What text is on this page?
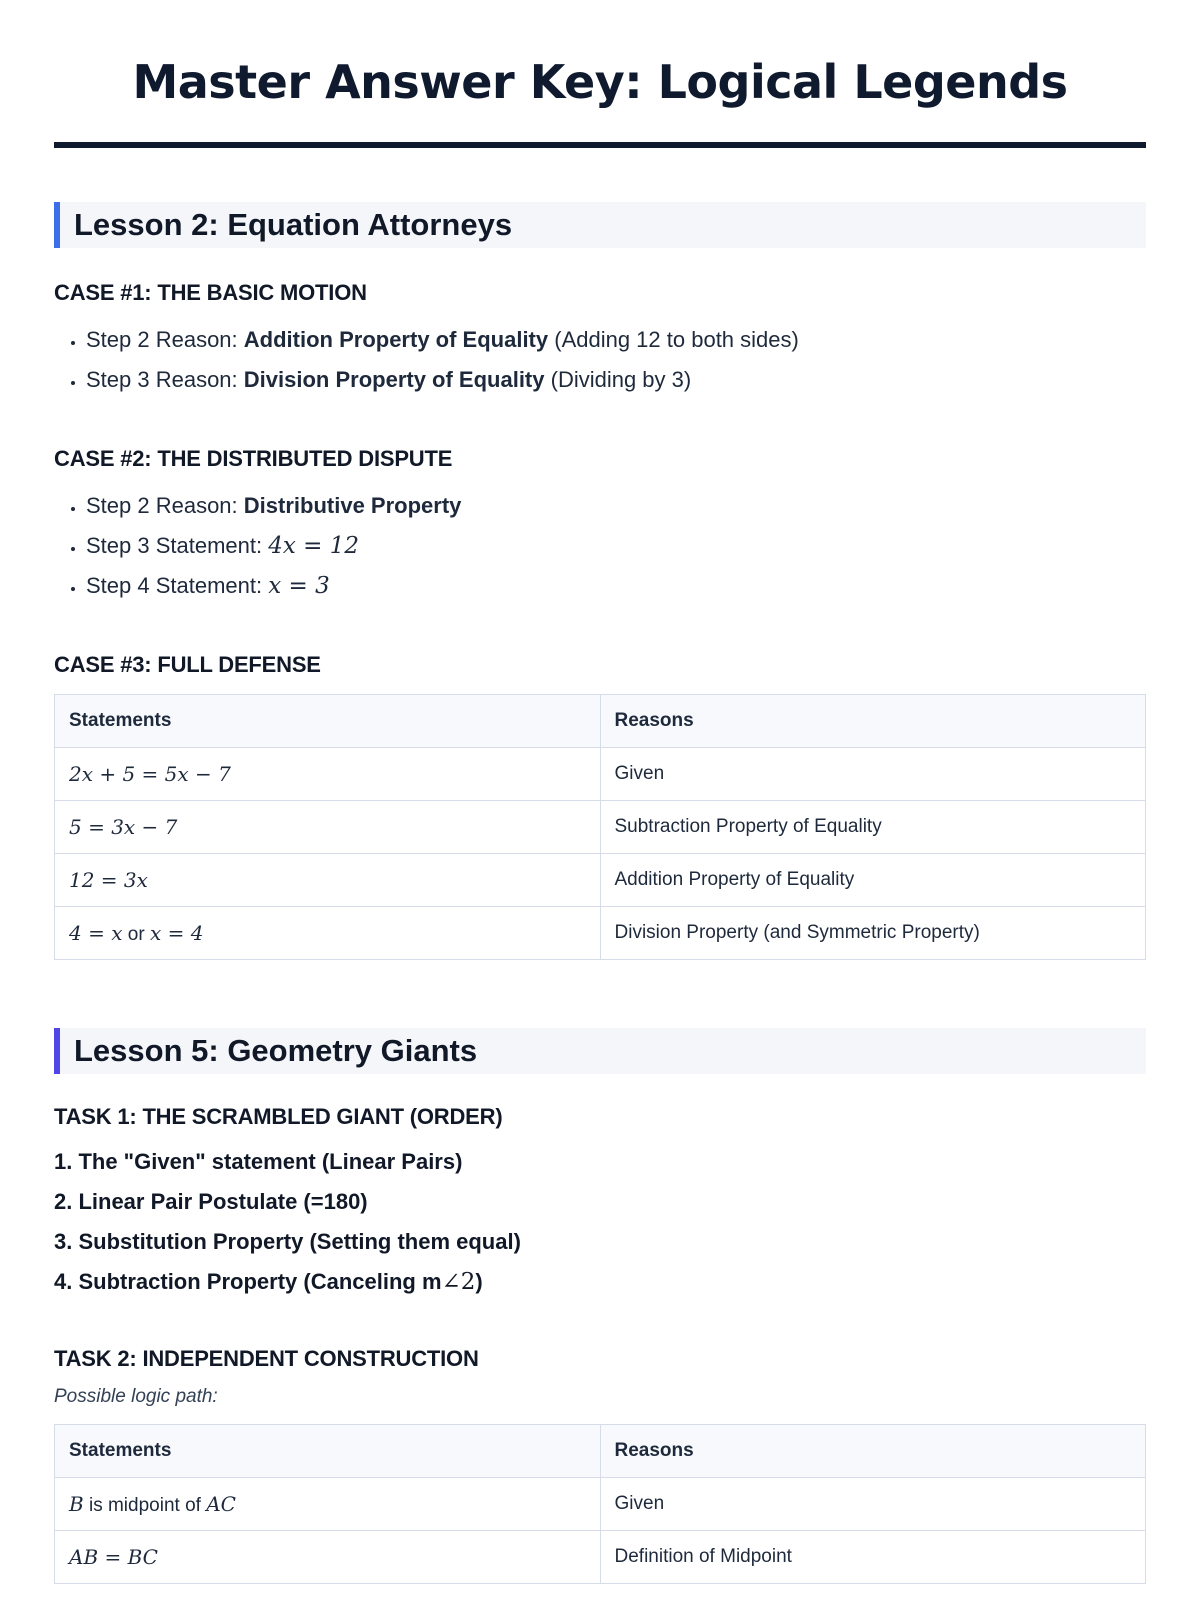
Master Answer Key: Logical Legends
Lesson 2: Equation Attorneys
CASE #1: THE BASIC MOTION
• Step 2 Reason: Addition Property of Equality (Adding 12 to both sides)
• Step 3 Reason: Division Property of Equality (Dividing by 3)
CASE #2: THE DISTRIBUTED DISPUTE
• Step 2 Reason: Distributive Property
• Step 3 Statement: 4x = 12
• Step 4 Statement: x = 3
CASE #3: FULL DEFENSE
Statements	Reasons
2x + 5 = 5x − 7	Given
5 = 3x − 7	Subtraction Property of Equality
12 = 3x	Addition Property of Equality
4 = x or x = 4	Division Property (and Symmetric Property)
Lesson 5: Geometry Giants
TASK 1: THE SCRAMBLED GIANT (ORDER)
1. The "Given" statement (Linear Pairs)
2. Linear Pair Postulate (=180)
3. Substitution Property (Setting them equal)
4. Subtraction Property (Canceling m∠2)
TASK 2: INDEPENDENT CONSTRUCTION
Possible logic path:
Statements	Reasons
B is midpoint of AC	Given
AB = BC	Definition of Midpoint
